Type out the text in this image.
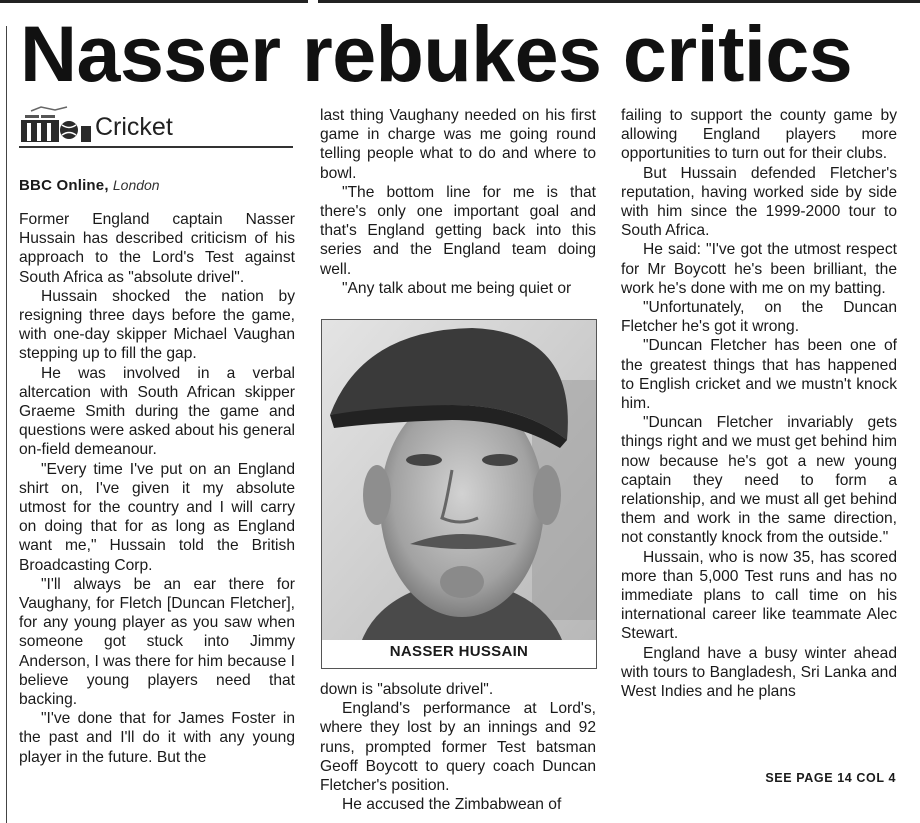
Nasser rebukes critics
Cricket
BBC Online, London

Former England captain Nasser Hussain has described criticism of his approach to the Lord's Test against South Africa as "absolute drivel".

Hussain shocked the nation by resigning three days before the game, with one-day skipper Michael Vaughan stepping up to fill the gap.

He was involved in a verbal altercation with South African skipper Graeme Smith during the game and questions were asked about his general on-field demeanour.

"Every time I've put on an England shirt on, I've given it my absolute utmost for the country and I will carry on doing that for as long as England want me," Hussain told the British Broadcasting Corp.

"I'll always be an ear there for Vaughany, for Fletch [Duncan Fletcher], for any young player as you saw when someone got stuck into Jimmy Anderson, I was there for him because I believe young players need that backing.

"I've done that for James Foster in the past and I'll do it with any young player in the future. But the

last thing Vaughany needed on his first game in charge was me going round telling people what to do and where to bowl.

"The bottom line for me is that there's only one important goal and that's England getting back into this series and the England team doing well.

"Any talk about me being quiet or

NASSER HUSSAIN

down is "absolute drivel".

England's performance at Lord's, where they lost by an innings and 92 runs, prompted former Test batsman Geoff Boycott to query coach Duncan Fletcher's position.

He accused the Zimbabwean of

failing to support the county game by allowing England players more opportunities to turn out for their clubs.

But Hussain defended Fletcher's reputation, having worked side by side with him since the 1999-2000 tour to South Africa.

He said: "I've got the utmost respect for Mr Boycott he's been brilliant, the work he's done with me on my batting.

"Unfortunately, on the Duncan Fletcher he's got it wrong.

"Duncan Fletcher has been one of the greatest things that has happened to English cricket and we mustn't knock him.

"Duncan Fletcher invariably gets things right and we must get behind him now because he's got a new young captain they need to form a relationship, and we must all get behind them and work in the same direction, not constantly knock from the outside."

Hussain, who is now 35, has scored more than 5,000 Test runs and has no immediate plans to call time on his international career like teammate Alec Stewart.

England have a busy winter ahead with tours to Bangladesh, Sri Lanka and West Indies and he plans

SEE PAGE 14 COL 4
